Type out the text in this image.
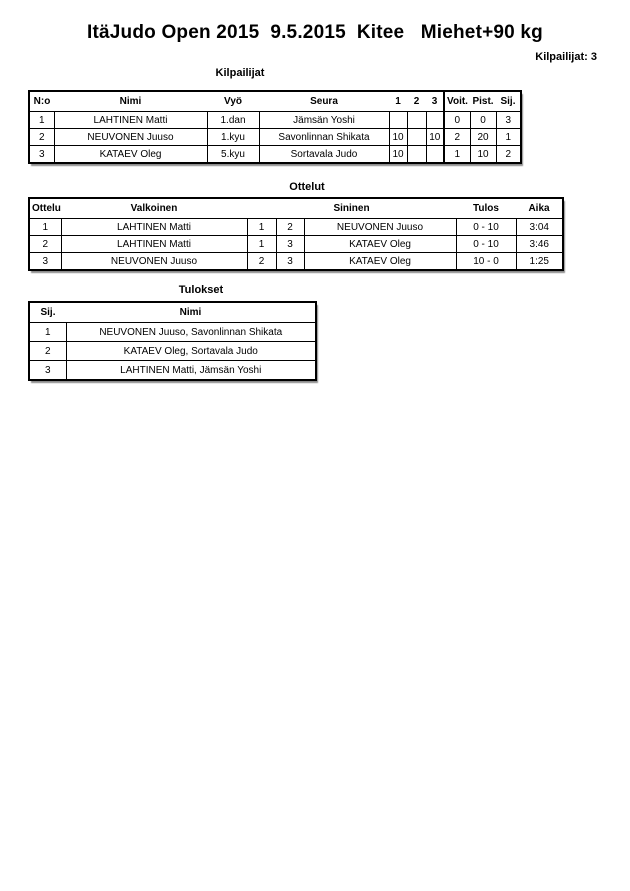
ItäJudo Open 2015  9.5.2015  Kitee   Miehet+90 kg
Kilpailijat: 3
Kilpailijat
N:o	Nimi	Vyö	Seura	1	2	3	Voit.	Pist.	Sij.
1	LAHTINEN Matti	1.dan	Jämsän Yoshi				0	0	3
2	NEUVONEN Juuso	1.kyu	Savonlinnan Shikata	10		10	2	20	1
3	KATAEV Oleg	5.kyu	Sortavala Judo	10			1	10	2
Ottelut
Ottelu	Valkoinen	Sininen			Tulos	Aika
1	LAHTINEN Matti	1	2	NEUVONEN Juuso	0 - 10	3:04
2	LAHTINEN Matti	1	3	KATAEV Oleg	0 - 10	3:46
3	NEUVONEN Juuso	2	3	KATAEV Oleg	10 - 0	1:25
Tulokset
Sij.	Nimi
1	NEUVONEN Juuso, Savonlinnan Shikata
2	KATAEV Oleg, Sortavala Judo
3	LAHTINEN Matti, Jämsän Yoshi
